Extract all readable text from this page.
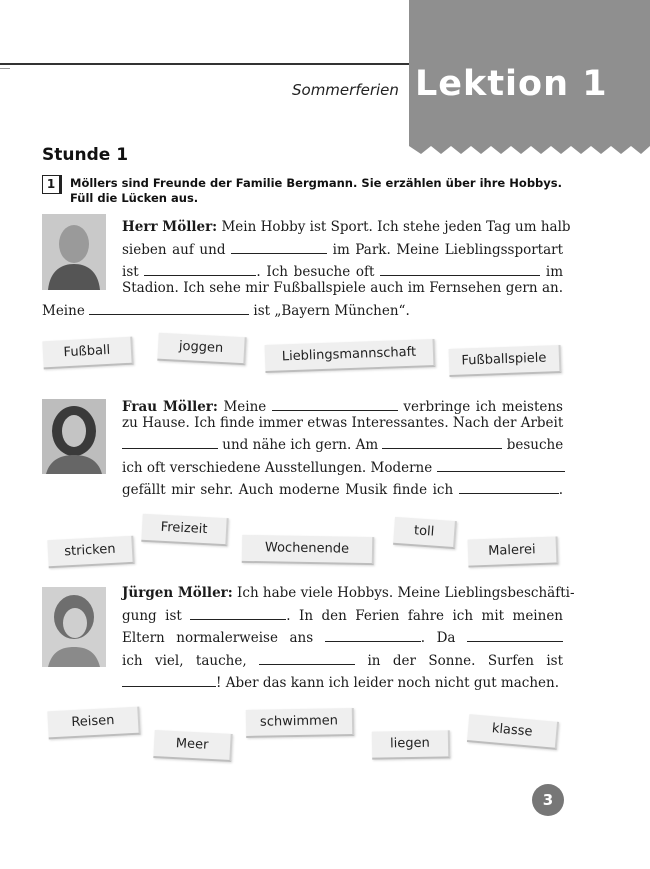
Lektion 1
Sommerferien
Stunde 1
1	Möllers sind Freunde der Familie Bergmann. Sie erzählen über ihre Hobbys. Füll die Lücken aus.
Herr Möller: Mein Hobby ist Sport. Ich stehe jeden Tag um halb
sieben auf und	im Park. Meine Lieblingssportart
ist	. Ich besuche oft	im
Stadion. Ich sehe mir Fußballspiele auch im Fernsehen gern an.
Meine	ist „Bayern München“.
Fußball	joggen	Lieblingsmannschaft	Fußballspiele
Frau Möller: Meine	verbringe ich meistens
zu Hause. Ich finde immer etwas Interessantes. Nach der Arbeit
und nähe ich gern. Am	besuche
ich oft verschiedene Ausstellungen. Moderne
gefällt mir sehr. Auch moderne Musik finde ich	.
stricken
Freizeit
Wochenende
toll
Malerei
Jürgen Möller: Ich habe viele Hobbys. Meine Lieblingsbeschäfti-
gung ist	. In den Ferien fahre ich mit meinen
Eltern normalerweise ans	. Da
ich viel, tauche,	in der Sonne. Surfen ist
! Aber das kann ich leider noch nicht gut machen.
Reisen
Meer
schwimmen
liegen
klasse
3
